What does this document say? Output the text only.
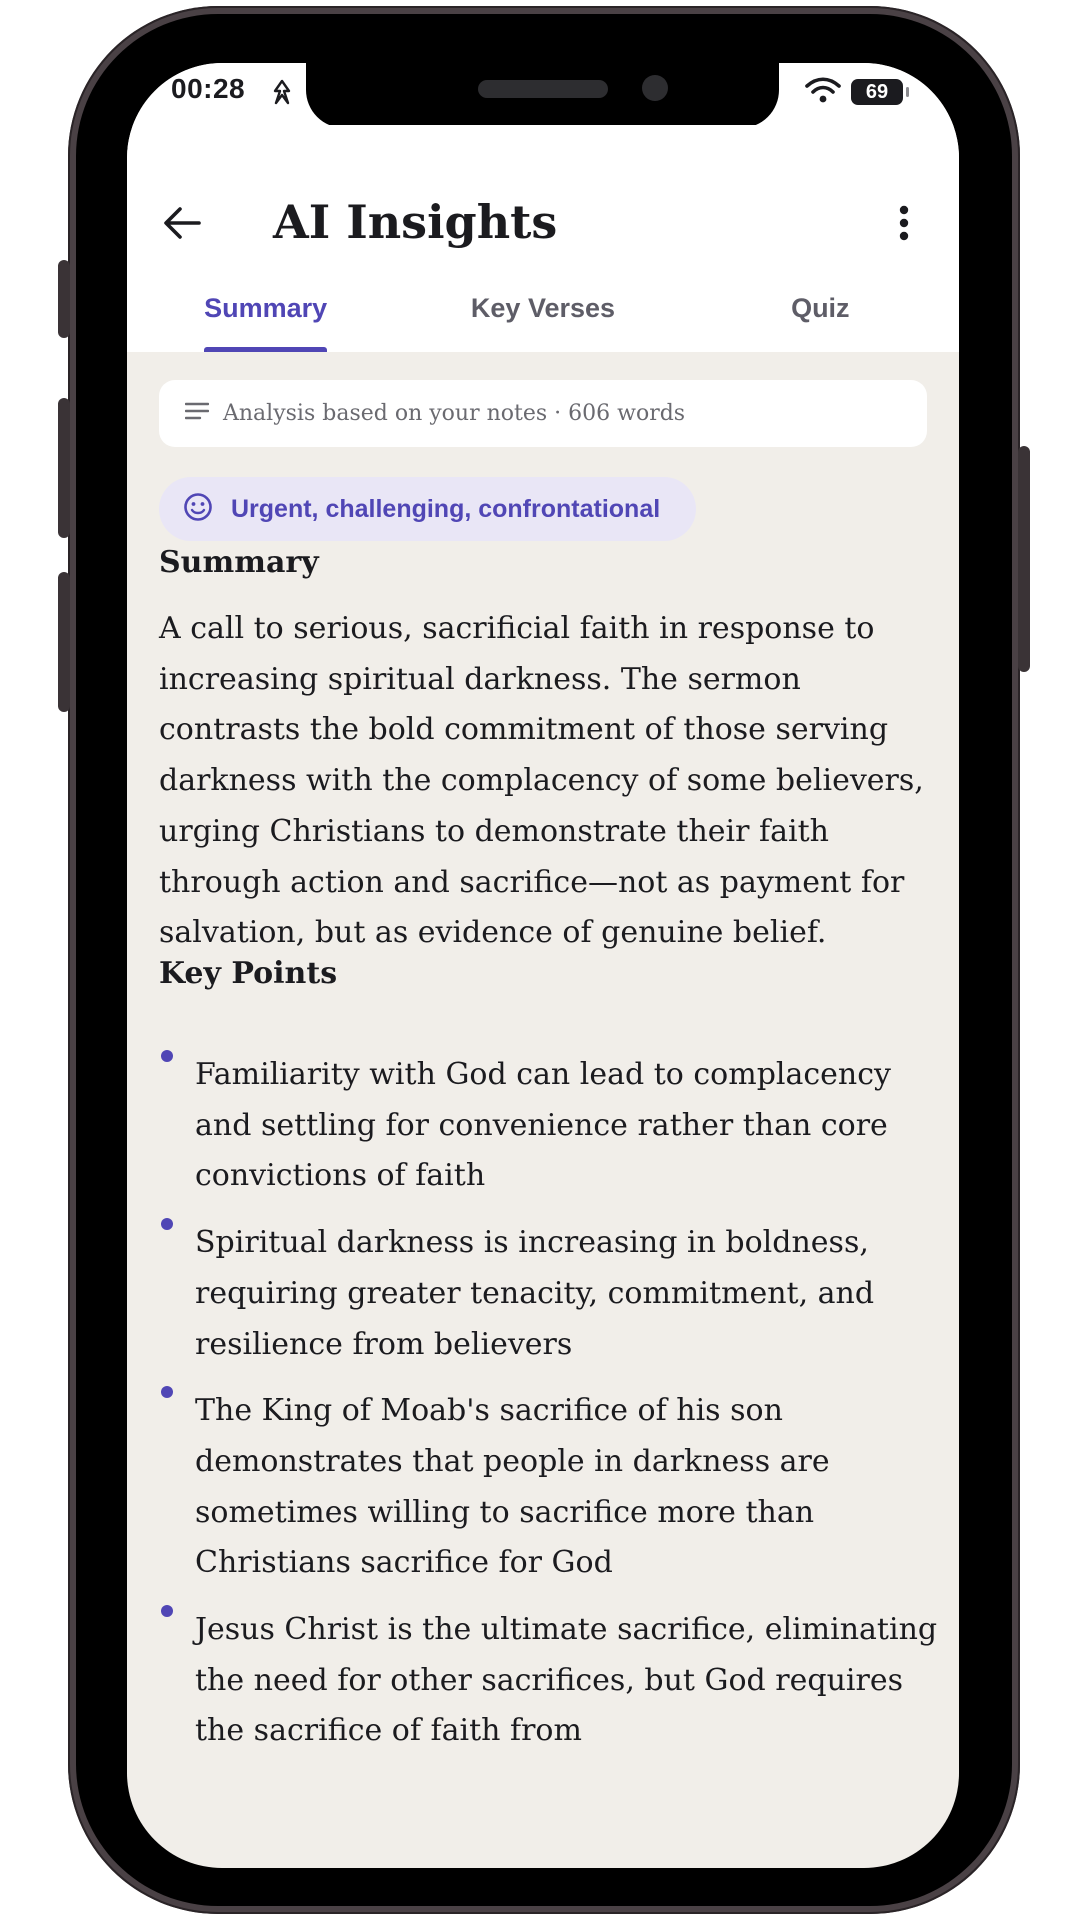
00:28	69
AI Insights
Summary	Key Verses	Quiz
Analysis based on your notes · 606 words
Urgent, challenging, confrontational
Summary

A call to serious, sacrificial faith in response to increasing spiritual darkness. The sermon contrasts the bold commitment of those serving darkness with the complacency of some believers, urging Christians to demonstrate their faith through action and sacrifice—not as payment for salvation, but as evidence of genuine belief.

Key Points
Familiarity with God can lead to complacency and settling for convenience rather than core convictions of faith
Spiritual darkness is increasing in boldness, requiring greater tenacity, commitment, and resilience from believers
The King of Moab's sacrifice of his son demonstrates that people in darkness are sometimes willing to sacrifice more than Christians sacrifice for God
Jesus Christ is the ultimate sacrifice, eliminating the need for other sacrifices, but God requires the sacrifice of faith from
